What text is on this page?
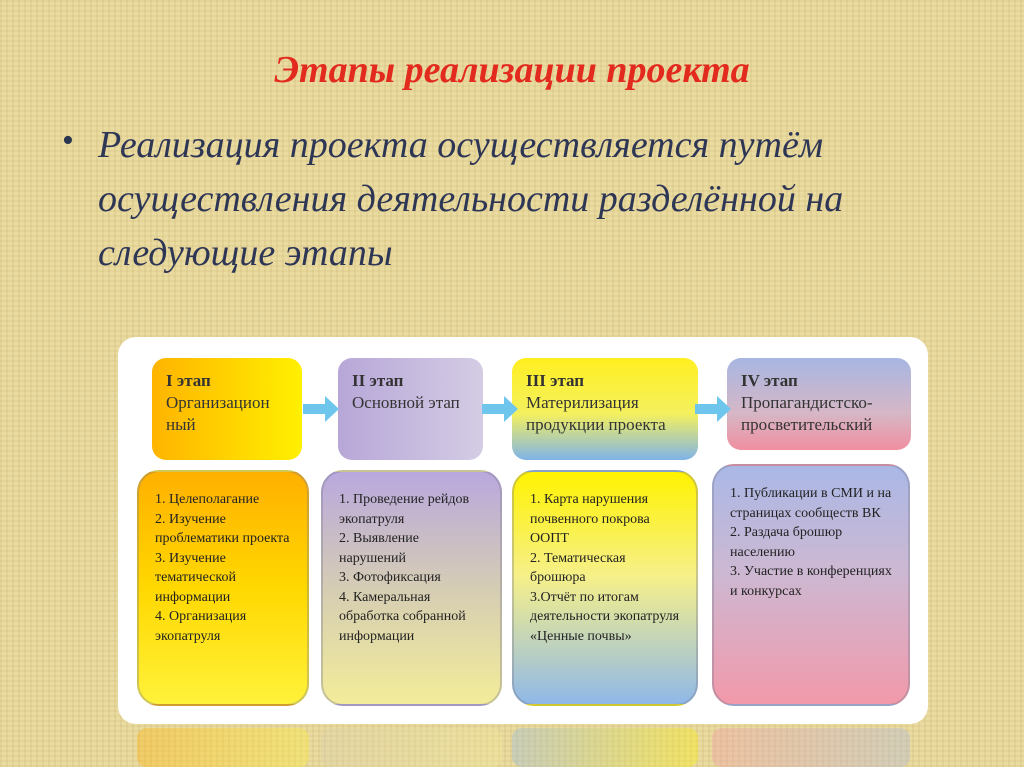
Этапы реализации проекта
• Реализация проекта осуществляется путём осуществления деятельности разделённой на следующие этапы
I этап
Организацион ный
II этап
Основной этап
III этап
Материлизация продукции проекта
IV этап
Пропагандистско-просветительский
1. Целеполагание
2. Изучение проблематики проекта
3. Изучение тематической информации
4. Организация экопатруля
1. Проведение рейдов экопатруля
2. Выявление нарушений
3. Фотофиксация
4. Камеральная обработка собранной информации
1. Карта нарушения почвенного покрова ООПТ
2. Тематическая брошюра
3.Отчёт по итогам деятельности экопатруля «Ценные почвы»
1. Публикации в СМИ и на страницах сообществ ВК
2. Раздача брошюр населению
3. Участие в конференциях и конкурсах
